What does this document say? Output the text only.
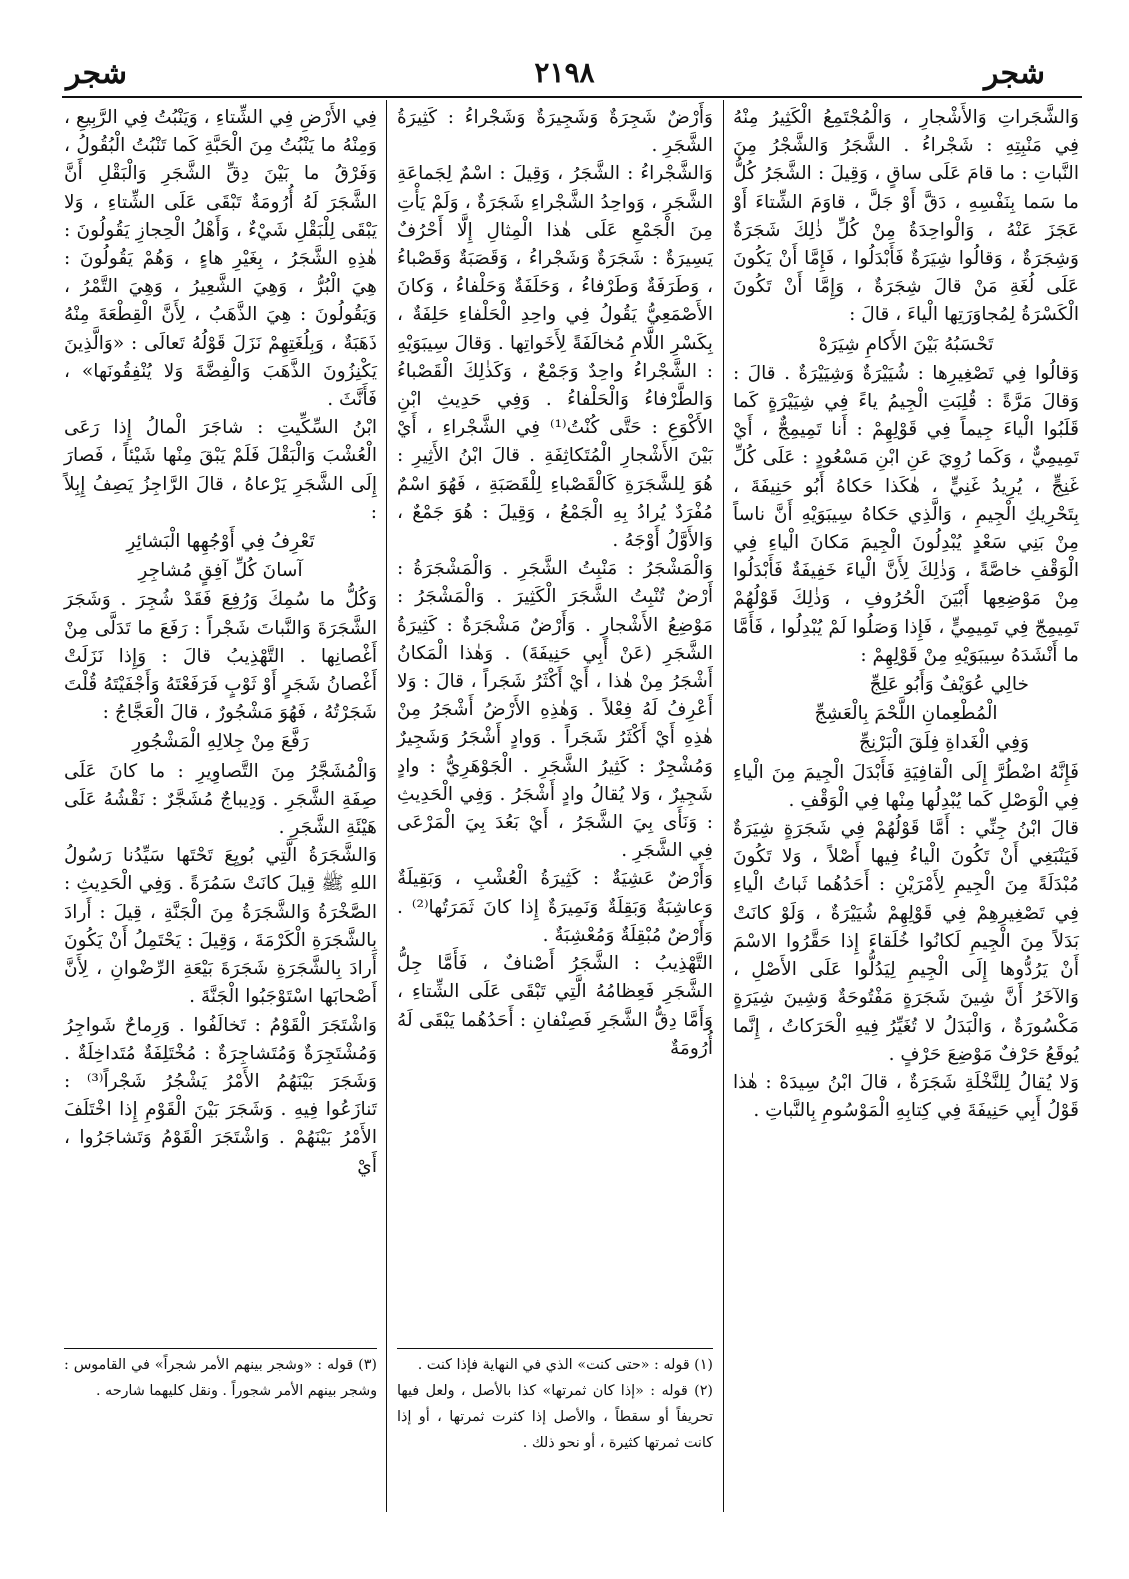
شجر
٢١٩٨
شجر

وَالشَّجَراتِ وَالأَشْجارِ ، وَالْمُجْتَمِعُ الْكَثِيرُ مِنْهُ فِي مَنْبِتِهِ : شَجْراءُ . الشَّجَرُ وَالشَّجْرُ مِنَ النَّباتِ : ما قامَ عَلَى ساقٍ ، وَقِيلَ : الشَّجَرُ كُلُّ ما سَما بِنَفْسِهِ ، دَقَّ أَوْ جَلَّ ، قاوَمَ الشِّتاءَ أَوْ عَجَزَ عَنْهُ ، وَالْواحِدَةُ مِنْ كُلِّ ذٰلِكَ شَجَرَةٌ وَشِجَرَةٌ ، وَقالُوا شِيَرَةٌ فَأَبْدَلُوا ، فَإِمَّا أَنْ يَكُونَ عَلَى لُغَةِ مَنْ قالَ شِجَرَةٌ ، وَإِمَّا أَنْ تَكُونَ الْكَسْرَةُ لِمُجاوَرَتِها الْياءَ ، قالَ :

تَحْسَبُهُ بَيْنَ الأَكامِ شِيَرَهْ

وَقالُوا فِي تَصْغِيرِها : شُيَيْرَةٌ وَشِيَيْرَةٌ . قالَ : وَقالَ مَرَّةً : قُلِبَتِ الْجِيمُ ياءً فِي شِيَيْرَةٍ كَما قَلَبُوا الْياءَ جِيماً فِي قَوْلِهِمْ : أَنا تَمِيمِجٌّ ، أَيْ تَمِيمِيٌّ ، وَكَما رُوِيَ عَنِ ابْنِ مَسْعُودٍ : عَلَى كُلِّ غَنِجٍّ ، يُرِيدُ غَنِيٍّ ، هٰكَذا حَكاهُ أَبُو حَنِيفَةَ ، بِتَحْرِيكِ الْجِيمِ ، وَالَّذِي حَكاهُ سِيبَوَيْهِ أَنَّ ناساً مِنْ بَنِي سَعْدٍ يُبْدِلُونَ الْجِيمَ مَكانَ الْياءِ فِي الْوَقْفِ خاصَّةً ، وَذٰلِكَ لِأَنَّ الْياءَ خَفِيفَةٌ فَأَبْدَلُوا مِنْ مَوْضِعِها أَبْيَنَ الْحُرُوفِ ، وَذٰلِكَ قَوْلُهُمْ تَمِيمِجّ فِي تَمِيمِيٍّ ، فَإِذا وَصَلُوا لَمْ يُبْدِلُوا ، فَأَمَّا ما أَنْشَدَهُ سِيبَوَيْهِ مِنْ قَوْلِهِمْ :

خالِي عُوَيْفٌ وَأَبُو عَلِجِّ

الْمُطْعِمانِ اللَّحْمَ بِالْعَشِجِّ

وَفِي الْغَداةِ فِلَقَ الْبَرْنِجِّ

فَإِنَّهُ اضْطُرَّ إِلَى الْقافِيَةِ فَأَبْدَلَ الْجِيمَ مِنَ الْياءِ فِي الْوَصْلِ كَما يُبْدِلُها مِنْها فِي الْوَقْفِ .

قالَ ابْنُ جِنِّي : أَمَّا قَوْلُهُمْ فِي شَجَرَةٍ شِيَرَةٌ فَيَنْبَغِي أَنْ تَكُونَ الْياءُ فِيها أَصْلاً ، وَلا تَكُونَ مُبْدَلَةً مِنَ الْجِيمِ لِأَمْرَيْنِ : أَحَدُهُما ثَباتُ الْياءِ فِي تَصْغِيرِهِمْ فِي قَوْلِهِمْ شُيَيْرَةٌ ، وَلَوْ كانَتْ بَدَلاً مِنَ الْجِيمِ لَكانُوا خُلَقاءَ إِذا حَقَّرُوا الاسْمَ أَنْ يَرُدُّوها إِلَى الْجِيمِ لِيَدُلُّوا عَلَى الأَصْلِ ، وَالآخَرُ أَنَّ شِينَ شَجَرَةٍ مَفْتُوحَةٌ وَشِينَ شِيَرَةٍ مَكْسُورَةٌ ، وَالْبَدَلُ لا تُغَيِّرُ فِيهِ الْحَرَكاتُ ، إِنَّما يُوقَعُ حَرْفٌ مَوْضِعَ حَرْفٍ .

وَلا يُقالُ لِلنَّخْلَةِ شَجَرَةٌ ، قالَ ابْنُ سِيدَهْ : هٰذا قَوْلُ أَبِي حَنِيفَةَ فِي كِتابِهِ الْمَوْسُومِ بِالنَّباتِ .

وَأَرْضٌ شَجِرَةٌ وَشَجِيرَةٌ وَشَجْراءُ : كَثِيرَةُ الشَّجَرِ .

وَالشَّجْراءُ : الشَّجَرُ ، وَقِيلَ : اسْمٌ لِجَماعَةِ الشَّجَرِ ، وَواحِدُ الشَّجْراءِ شَجَرَةٌ ، وَلَمْ يَأْتِ مِنَ الْجَمْعِ عَلَى هٰذا الْمِثالِ إِلَّا أَحْرُفٌ يَسِيرَةٌ : شَجَرَةٌ وَشَجْراءُ ، وَقَصَبَةٌ وَقَصْباءُ ، وَطَرَفَةٌ وَطَرْفاءُ ، وَحَلَفَةٌ وَحَلْفاءُ ، وَكانَ الأَصْمَعِيُّ يَقُولُ فِي واحِدِ الْحَلْفاءِ حَلِفَةٌ ، بِكَسْرِ اللَّامِ مُخالَفَةً لِأَخَواتِها . وَقالَ سِيبَوَيْهِ : الشَّجْراءُ واحِدٌ وَجَمْعٌ ، وَكَذٰلِكَ الْقَصْباءُ وَالطَّرْفاءُ وَالْحَلْفاءُ . وَفِي حَدِيثِ ابْنِ الأَكْوَعِ : حَتَّى كُنْتُ⁽¹⁾ فِي الشَّجْراءِ ، أَيْ بَيْنَ الأَشْجارِ الْمُتَكاثِفَةِ . قالَ ابْنُ الأَثِيرِ : هُوَ لِلشَّجَرَةِ كَالْقَصْباءِ لِلْقَصَبَةِ ، فَهُوَ اسْمٌ مُفْرَدٌ يُرادُ بِهِ الْجَمْعُ ، وَقِيلَ : هُوَ جَمْعٌ ، وَالأَوَّلُ أَوْجَهُ .

وَالْمَشْجَرُ : مَنْبِتُ الشَّجَرِ . وَالْمَشْجَرَةُ : أَرْضٌ تُنْبِتُ الشَّجَرَ الْكَثِيرَ . وَالْمَشْجَرُ : مَوْضِعُ الأَشْجارِ . وَأَرْضٌ مَشْجَرَةٌ : كَثِيرَةُ الشَّجَرِ (عَنْ أَبِي حَنِيفَةَ) . وَهٰذا الْمَكانُ أَشْجَرُ مِنْ هٰذا ، أَيْ أَكْثَرُ شَجَراً ، قالَ : وَلا أَعْرِفُ لَهُ فِعْلاً . وَهٰذِهِ الأَرْضُ أَشْجَرُ مِنْ هٰذِهِ أَيْ أَكْثَرُ شَجَراً . وَوادٍ أَشْجَرُ وَشَجِيرٌ وَمُشْجِرٌ : كَثِيرُ الشَّجَرِ . الْجَوْهَرِيُّ : وادٍ شَجِيرٌ ، وَلا يُقالُ وادٍ أَشْجَرُ . وَفِي الْحَدِيثِ : وَنَأَى بِيَ الشَّجَرُ ، أَيْ بَعُدَ بِيَ الْمَرْعَى فِي الشَّجَرِ .

وَأَرْضٌ عَشِيَةٌ : كَثِيرَةُ الْعُشْبِ ، وَبَقِيلَةٌ وَعاشِبَةٌ وَبَقِلَةٌ وَنَمِيرَةٌ إِذا كانَ ثَمَرَتُها⁽²⁾ . وَأَرْضٌ مُبْقِلَةٌ وَمُعْشِبَةٌ .

التَّهْذِيبُ : الشَّجَرُ أَصْنافٌ ، فَأَمَّا جِلُّ الشَّجَرِ فَعِظامُهُ الَّتِي تَبْقَى عَلَى الشِّتاءِ ، وَأَمَّا دِقُّ الشَّجَرِ فَصِنْفانِ : أَحَدُهُما يَبْقَى لَهُ أُرُومَةٌ

فِي الأَرْضِ فِي الشِّتاءِ ، وَيَنْبُتُ فِي الرَّبِيعِ ، وَمِنْهُ ما يَنْبُتُ مِنَ الْحَبَّةِ كَما تَنْبُتُ الْبُقُولُ ، وَفَرْقُ ما بَيْنَ دِقِّ الشَّجَرِ وَالْبَقْلِ أَنَّ الشَّجَرَ لَهُ أُرُومَةٌ تَبْقَى عَلَى الشِّتاءِ ، وَلا يَبْقَى لِلْبَقْلِ شَيْءٌ ، وَأَهْلُ الْحِجازِ يَقُولُونَ : هٰذِهِ الشَّجَرُ ، بِغَيْرِ هاءٍ ، وَهُمْ يَقُولُونَ : هِيَ الْبُرُّ ، وَهِيَ الشَّعِيرُ ، وَهِيَ التَّمْرُ ، وَيَقُولُونَ : هِيَ الذَّهَبُ ، لِأَنَّ الْقِطْعَةَ مِنْهُ ذَهَبَةٌ ، وَبِلُغَتِهِمْ نَزَلَ قَوْلُهُ تَعالَى : «وَالَّذِينَ يَكْنِزُونَ الذَّهَبَ وَالْفِضَّةَ وَلا يُنْفِقُونَها» ، فَأَنَّثَ .

ابْنُ السِّكِّيتِ : شاجَرَ الْمالُ إِذا رَعَى الْعُشْبَ وَالْبَقْلَ فَلَمْ يَبْقَ مِنْها شَيْئاً ، فَصارَ إِلَى الشَّجَرِ يَرْعاهُ ، قالَ الرَّاجِزُ يَصِفُ إِبِلاً :

تَعْرِفُ فِي أَوْجُهِها الْبَشائِرِ

آسانَ كُلِّ آفِقٍ مُشاجِرِ

وَكُلُّ ما سُمِكَ وَرُفِعَ فَقَدْ شُجِرَ . وَشَجَرَ الشَّجَرَةَ وَالنَّباتَ شَجْراً : رَفَعَ ما تَدَلَّى مِنْ أَغْصانِها . التَّهْذِيبُ قالَ : وَإِذا نَزَلَتْ أَغْصانُ شَجَرٍ أَوْ ثَوْبٍ فَرَفَعْتَهُ وَأَجْفَيْتَهُ قُلْتَ شَجَرْتُهُ ، فَهُوَ مَشْجُورٌ ، قالَ الْعَجَّاجُ :

رَفَّعَ مِنْ جِلالِهِ الْمَشْجُورِ

وَالْمُشَجَّرُ مِنَ التَّصاوِيرِ : ما كانَ عَلَى صِفَةِ الشَّجَرِ . وَدِيباجٌ مُشَجَّرٌ : نَقْشُهُ عَلَى هَيْئَةِ الشَّجَرِ .

وَالشَّجَرَةُ الَّتِي بُويِعَ تَحْتَها سَيِّدُنا رَسُولُ اللهِ ﷺ قِيلَ كانَتْ سَمُرَةً . وَفِي الْحَدِيثِ : الصَّخْرَةُ وَالشَّجَرَةُ مِنَ الْجَنَّةِ ، قِيلَ : أَرادَ بِالشَّجَرَةِ الْكَرْمَةَ ، وَقِيلَ : يَحْتَمِلُ أَنْ يَكُونَ أَرادَ بِالشَّجَرَةِ شَجَرَةَ بَيْعَةِ الرِّضْوانِ ، لِأَنَّ أَصْحابَها اسْتَوْجَبُوا الْجَنَّةَ .

وَاشْتَجَرَ الْقَوْمُ : تَخالَفُوا . وَرِماحٌ شَواجِرُ وَمُشْتَجِرَةٌ وَمُتَشاجِرَةٌ : مُخْتَلِفَةٌ مُتَداخِلَةٌ . وَشَجَرَ بَيْنَهُمُ الأَمْرُ يَشْجُرُ شَجْراً⁽³⁾ : تَنازَعُوا فِيهِ . وَشَجَرَ بَيْنَ الْقَوْمِ إِذا اخْتَلَفَ الأَمْرُ بَيْنَهُمْ . وَاشْتَجَرَ الْقَوْمُ وَتَشاجَرُوا ، أَيْ

(١) قوله : «حتى كنت» الذي في النهاية فإذا كنت .

(٢) قوله : «إذا كان ثمرتها» كذا بالأصل ، ولعل فيها تحريفاً أو سقطاً ، والأصل إذا كثرت ثمرتها ، أو إذا كانت ثمرتها كثيرة ، أو نحو ذلك .

(٣) قوله : «وشجر بينهم الأمر شجراً» في القاموس : وشجر بينهم الأمر شجوراً . ونقل كليهما شارحه .
